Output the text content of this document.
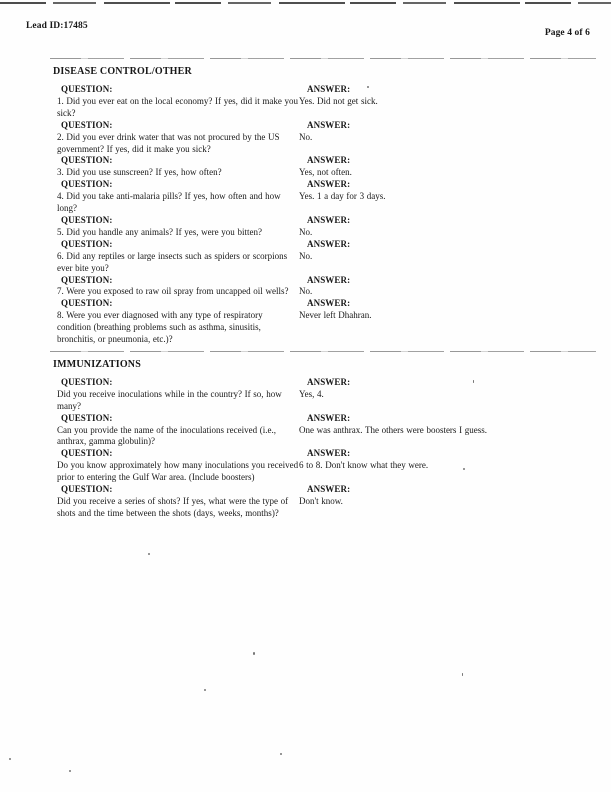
Lead ID:17485
Page 4 of 6
DISEASE CONTROL/OTHER
QUESTION:
1. Did you ever eat on the local economy? If yes, did it make you sick?
ANSWER:
Yes. Did not get sick.
QUESTION:
2. Did you ever drink water that was not procured by the US government? If yes, did it make you sick?
ANSWER:
No.
QUESTION:
3. Did you use sunscreen? If yes, how often?
ANSWER:
Yes, not often.
QUESTION:
4. Did you take anti-malaria pills? If yes, how often and how long?
ANSWER:
Yes. 1 a day for 3 days.
QUESTION:
5. Did you handle any animals? If yes, were you bitten?
ANSWER:
No.
QUESTION:
6. Did any reptiles or large insects such as spiders or scorpions ever bite you?
ANSWER:
No.
QUESTION:
7. Were you exposed to raw oil spray from uncapped oil wells?
ANSWER:
No.
QUESTION:
8. Were you ever diagnosed with any type of respiratory condition (breathing problems such as asthma, sinusitis, bronchitis, or pneumonia, etc.)?
ANSWER:
Never left Dhahran.
IMMUNIZATIONS
QUESTION:
Did you receive inoculations while in the country? If so, how many?
ANSWER:
Yes, 4.
QUESTION:
Can you provide the name of the inoculations received (i.e., anthrax, gamma globulin)?
ANSWER:
One was anthrax. The others were boosters I guess.
QUESTION:
Do you know approximately how many inoculations you received prior to entering the Gulf War area. (Include boosters)
ANSWER:
6 to 8. Don't know what they were.
QUESTION:
Did you receive a series of shots? If yes, what were the type of shots and the time between the shots (days, weeks, months)?
ANSWER:
Don't know.
